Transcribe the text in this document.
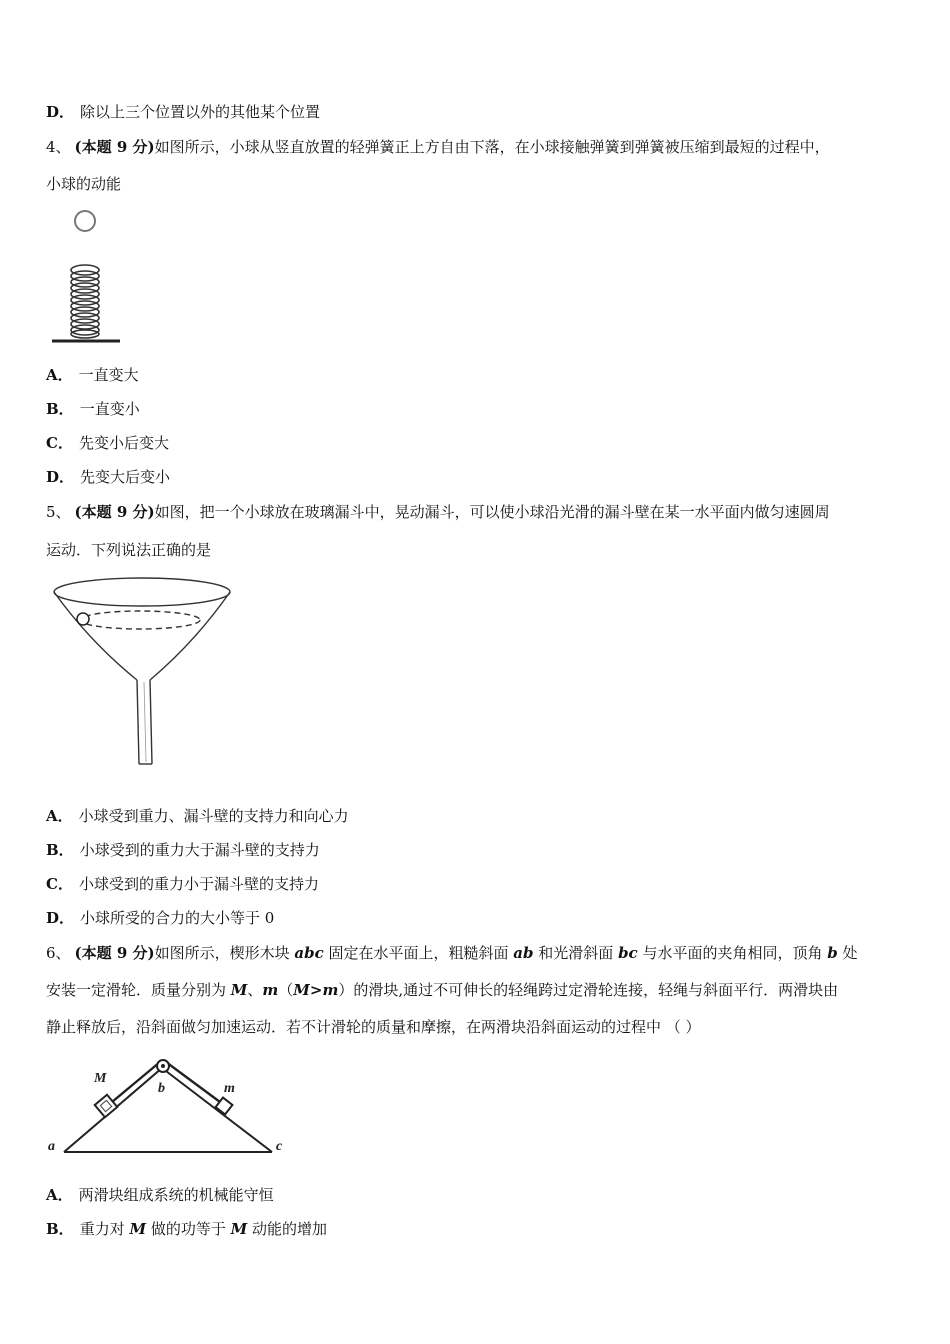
D． 除以上三个位置以外的其他某个位置
4、 (本题 9 分)如图所示，小球从竖直放置的轻弹簧正上方自由下落，在小球接触弹簧到弹簧被压缩到最短的过程中，
小球的动能
A． 一直变大
B． 一直变小
C． 先变小后变大
D． 先变大后变小
5、 (本题 9 分)如图，把一个小球放在玻璃漏斗中，晃动漏斗，可以使小球沿光滑的漏斗壁在某一水平面内做匀速圆周
运动．下列说法正确的是
A． 小球受到重力、漏斗壁的支持力和向心力
B． 小球受到的重力大于漏斗壁的支持力
C． 小球受到的重力小于漏斗壁的支持力
D． 小球所受的合力的大小等于 0
6、 (本题 9 分)如图所示，楔形木块 abc 固定在水平面上，粗糙斜面 ab 和光滑斜面 bc 与水平面的夹角相同，顶角 b 处
安装一定滑轮．质量分别为 M、m（M>m）的滑块,通过不可伸长的轻绳跨过定滑轮连接，轻绳与斜面平行．两滑块由
静止释放后，沿斜面做匀加速运动．若不计滑轮的质量和摩擦，在两滑块沿斜面运动的过程中 （ ）
M
m
a
b
c
A． 两滑块组成系统的机械能守恒
B． 重力对 M 做的功等于 M 动能的增加
